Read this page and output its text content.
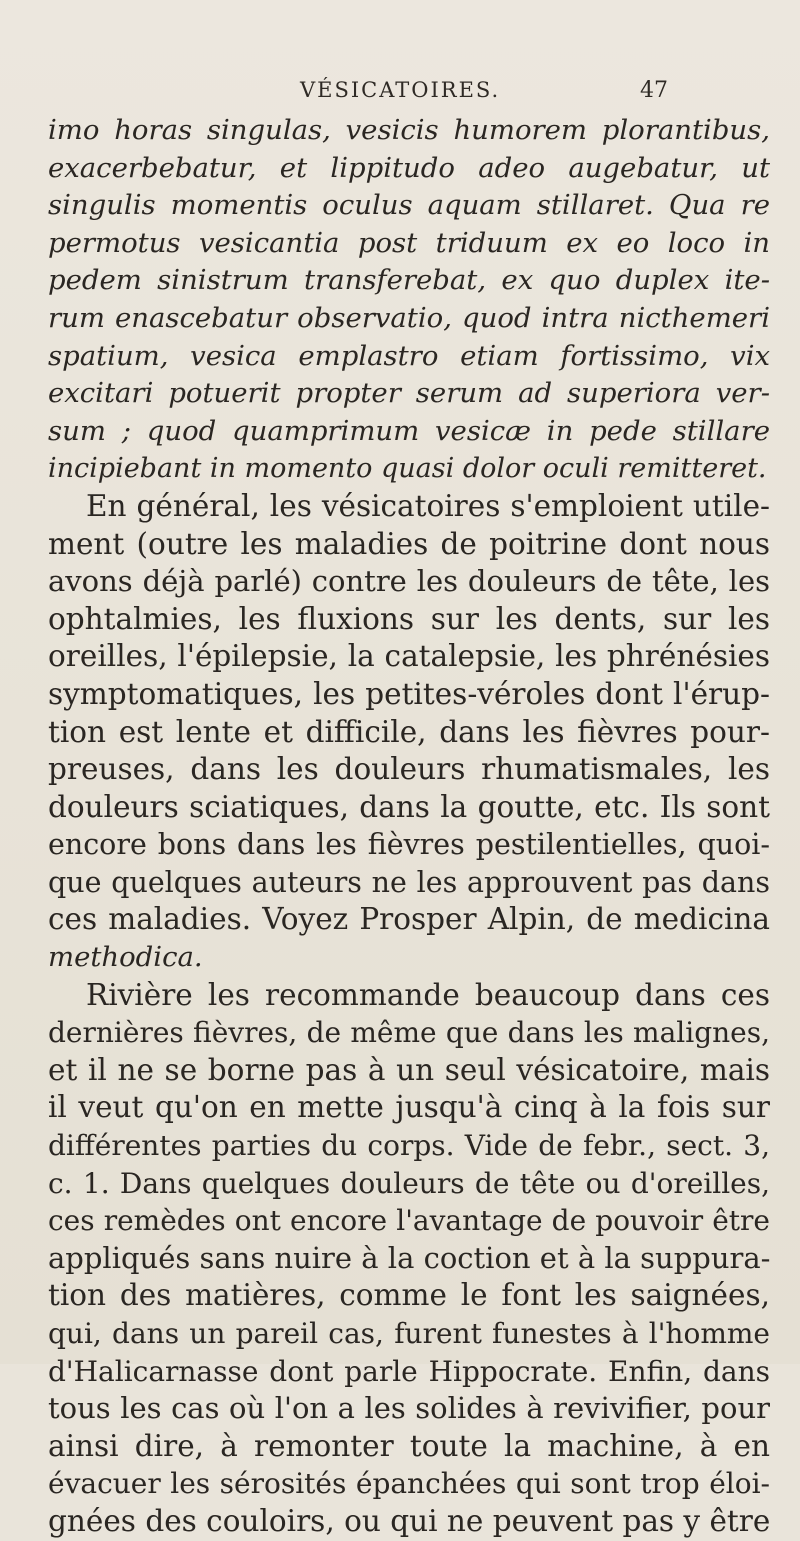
VÉSICATOIRES.	47
imo horas singulas, vesicis humorem plorantibus,
exacerbebatur, et lippitudo adeo augebatur, ut
singulis momentis oculus aquam stillaret. Qua re
permotus vesicantia post triduum ex eo loco in
pedem sinistrum transferebat, ex quo duplex ite-
rum enascebatur observatio, quod intra nicthemeri
spatium, vesica emplastro etiam fortissimo, vix
excitari potuerit propter serum ad superiora ver-
sum ; quod quamprimum vesicæ in pede stillare
incipiebant in momento quasi dolor oculi remitteret.
En général, les vésicatoires s'emploient utile-
ment (outre les maladies de poitrine dont nous
avons déjà parlé) contre les douleurs de tête, les
ophtalmies, les fluxions sur les dents, sur les
oreilles, l'épilepsie, la catalepsie, les phrénésies
symptomatiques, les petites-véroles dont l'érup-
tion est lente et difficile, dans les fièvres pour-
preuses, dans les douleurs rhumatismales, les
douleurs sciatiques, dans la goutte, etc. Ils sont
encore bons dans les fièvres pestilentielles, quoi-
que quelques auteurs ne les approuvent pas dans
ces maladies. Voyez Prosper Alpin, de medicina
methodica.
Rivière les recommande beaucoup dans ces
dernières fièvres, de même que dans les malignes,
et il ne se borne pas à un seul vésicatoire, mais
il veut qu'on en mette jusqu'à cinq à la fois sur
différentes parties du corps. Vide de febr., sect. 3,
c. 1. Dans quelques douleurs de tête ou d'oreilles,
ces remèdes ont encore l'avantage de pouvoir être
appliqués sans nuire à la coction et à la suppura-
tion des matières, comme le font les saignées,
qui, dans un pareil cas, furent funestes à l'homme
d'Halicarnasse dont parle Hippocrate. Enfin, dans
tous les cas où l'on a les solides à revivifier, pour
ainsi dire, à remonter toute la machine, à en
évacuer les sérosités épanchées qui sont trop éloi-
gnées des couloirs, ou qui ne peuvent pas y être
